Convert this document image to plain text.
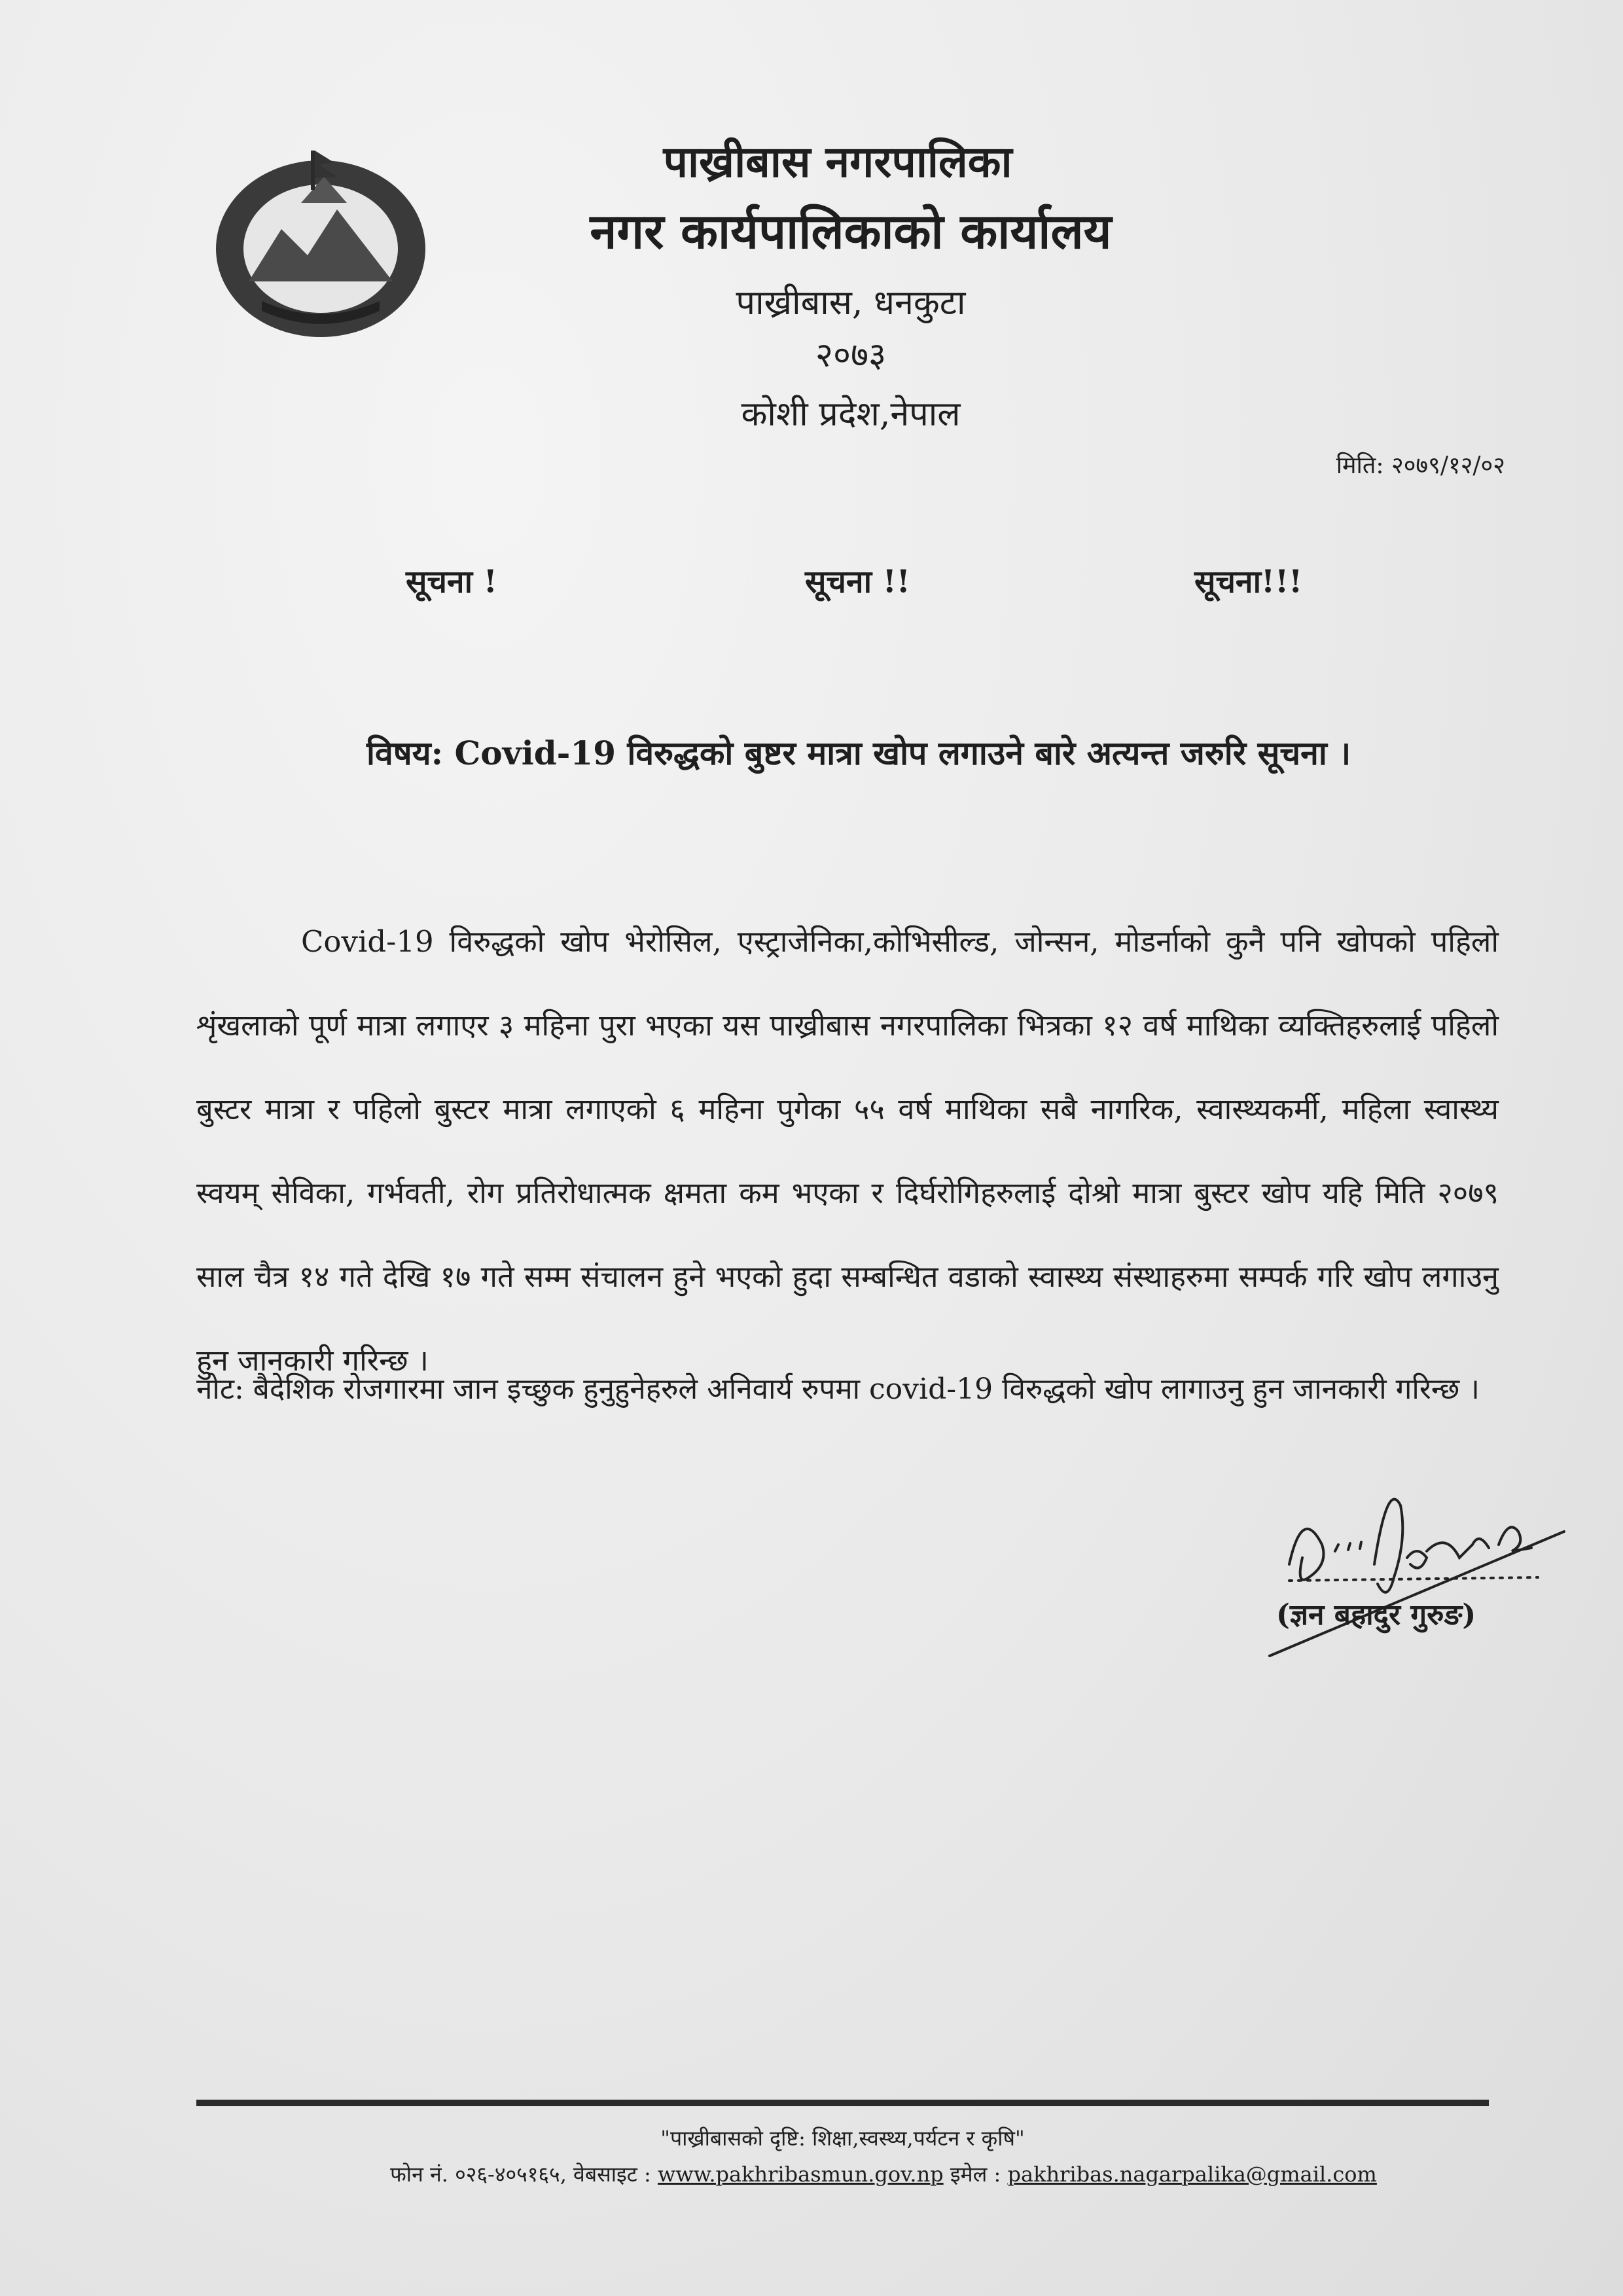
पाख्रीबास नगरपालिका
नगर कार्यपालिकाको कार्यालय
पाख्रीबास, धनकुटा
२०७३
कोशी प्रदेश,नेपाल
मिति: २०७९/१२/०२
सूचना !	सूचना !!	सूचना!!!
विषय: Covid-19 विरुद्धको बुष्टर मात्रा खोप लगाउने बारे अत्यन्त जरुरि सूचना ।
Covid-19 विरुद्धको खोप भेरोसिल, एस्ट्राजेनिका,कोभिसील्ड, जोन्सन, मोडर्नाको कुनै पनि खोपको पहिलो शृंखलाको पूर्ण मात्रा लगाएर ३ महिना पुरा भएका यस पाख्रीबास नगरपालिका भित्रका १२ वर्ष माथिका व्यक्तिहरुलाई पहिलो बुस्टर मात्रा र पहिलो बुस्टर मात्रा लगाएको ६ महिना पुगेका ५५ वर्ष माथिका सबै नागरिक, स्वास्थ्यकर्मी, महिला स्वास्थ्य स्वयम् सेविका, गर्भवती, रोग प्रतिरोधात्मक क्षमता कम भएका र दिर्घरोगिहरुलाई दोश्रो मात्रा बुस्टर खोप यहि मिति २०७९ साल चैत्र १४ गते देखि १७ गते सम्म संचालन हुने भएको हुदा सम्बन्धित वडाको स्वास्थ्य संस्थाहरुमा सम्पर्क गरि खोप लगाउनु हुन जानकारी गरिन्छ ।
नोट: बैदेशिक रोजगारमा जान इच्छुक हुनुहुनेहरुले अनिवार्य रुपमा covid-19 विरुद्धको खोप लागाउनु हुन जानकारी गरिन्छ ।
(ज्ञन बहादुर गुरुङ)
"पाख्रीबासको दृष्टि: शिक्षा,स्वस्थ्य,पर्यटन र कृषि"
फोन नं. ०२६-४०५१६५, वेबसाइट : www.pakhribasmun.gov.np इमेल : pakhribas.nagarpalika@gmail.com
